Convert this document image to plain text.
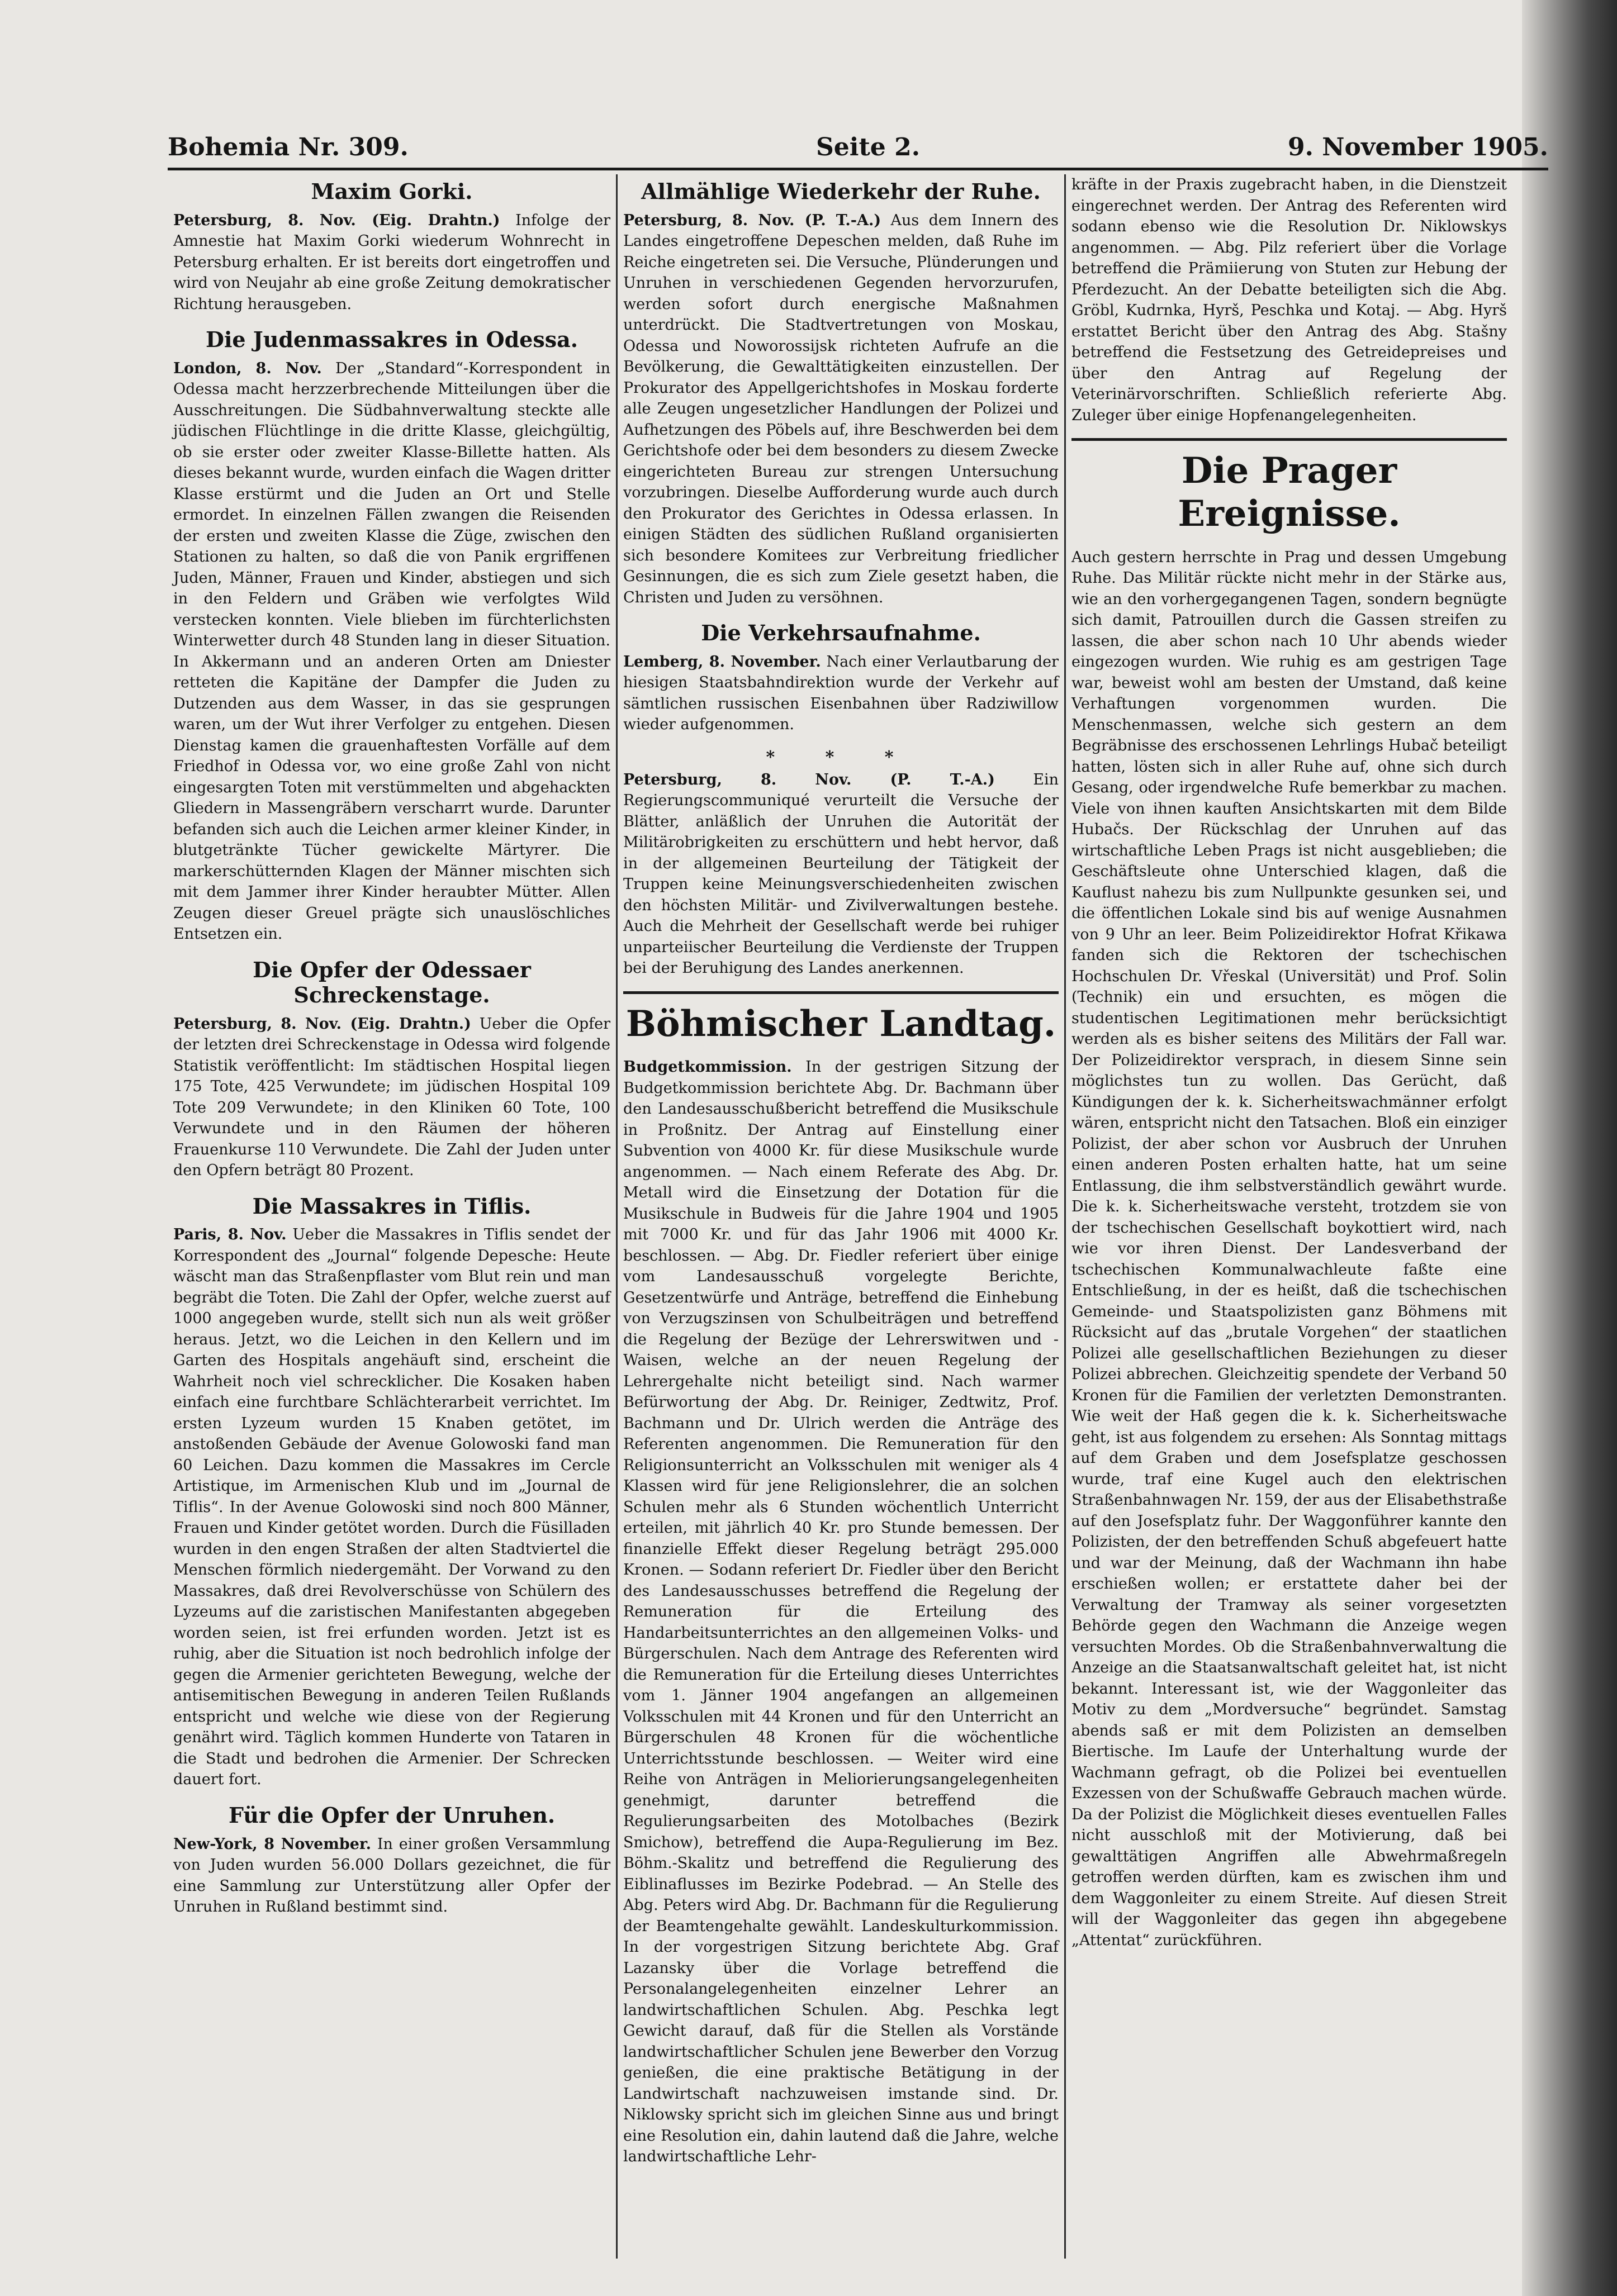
Bohemia Nr. 309.	Seite 2.	9. November 1905.
Maxim Gorki.

Petersburg, 8. Nov. (Eig. Drahtn.) Infolge der Amnestie hat Maxim Gorki wiederum Wohnrecht in Petersburg erhalten. Er ist bereits dort eingetroffen und wird von Neujahr ab eine große Zeitung demokratischer Richtung herausgeben.

Die Judenmassakres in Odessa.

London, 8. Nov. Der „Standard“-Korrespondent in Odessa macht herzzerbrechende Mitteilungen über die Ausschreitungen. Die Südbahnverwaltung steckte alle jüdischen Flüchtlinge in die dritte Klasse, gleichgültig, ob sie erster oder zweiter Klasse-Billette hatten. Als dieses bekannt wurde, wurden einfach die Wagen dritter Klasse erstürmt und die Juden an Ort und Stelle ermordet. In einzelnen Fällen zwangen die Reisenden der ersten und zweiten Klasse die Züge, zwischen den Stationen zu halten, so daß die von Panik ergriffenen Juden, Männer, Frauen und Kinder, abstiegen und sich in den Feldern und Gräben wie verfolgtes Wild verstecken konnten. Viele blieben im fürchterlichsten Winterwetter durch 48 Stunden lang in dieser Situation. In Akkermann und an anderen Orten am Dniester retteten die Kapitäne der Dampfer die Juden zu Dutzenden aus dem Wasser, in das sie gesprungen waren, um der Wut ihrer Verfolger zu entgehen. Diesen Dienstag kamen die grauenhaftesten Vorfälle auf dem Friedhof in Odessa vor, wo eine große Zahl von nicht eingesargten Toten mit verstümmelten und abgehackten Gliedern in Massengräbern verscharrt wurde. Darunter befanden sich auch die Leichen armer kleiner Kinder, in blutgetränkte Tücher gewickelte Märtyrer. Die markerschütternden Klagen der Männer mischten sich mit dem Jammer ihrer Kinder heraubter Mütter. Allen Zeugen dieser Greuel prägte sich unauslöschliches Entsetzen ein.

Die Opfer der Odessaer Schreckenstage.

Petersburg, 8. Nov. (Eig. Drahtn.) Ueber die Opfer der letzten drei Schreckenstage in Odessa wird folgende Statistik veröffentlicht: Im städtischen Hospital liegen 175 Tote, 425 Verwundete; im jüdischen Hospital 109 Tote 209 Verwundete; in den Kliniken 60 Tote, 100 Verwundete und in den Räumen der höheren Frauenkurse 110 Verwundete. Die Zahl der Juden unter den Opfern beträgt 80 Prozent.

Die Massakres in Tiflis.

Paris, 8. Nov. Ueber die Massakres in Tiflis sendet der Korrespondent des „Journal“ folgende Depesche: Heute wäscht man das Straßenpflaster vom Blut rein und man begräbt die Toten. Die Zahl der Opfer, welche zuerst auf 1000 angegeben wurde, stellt sich nun als weit größer heraus. Jetzt, wo die Leichen in den Kellern und im Garten des Hospitals angehäuft sind, erscheint die Wahrheit noch viel schrecklicher. Die Kosaken haben einfach eine furchtbare Schlächterarbeit verrichtet. Im ersten Lyzeum wurden 15 Knaben getötet, im anstoßenden Gebäude der Avenue Golowoski fand man 60 Leichen. Dazu kommen die Massakres im Cercle Artistique, im Armenischen Klub und im „Journal de Tiflis“. In der Avenue Golowoski sind noch 800 Männer, Frauen und Kinder getötet worden. Durch die Füsilladen wurden in den engen Straßen der alten Stadtviertel die Menschen förmlich niedergemäht. Der Vorwand zu den Massakres, daß drei Revolverschüsse von Schülern des Lyzeums auf die zaristischen Manifestanten abgegeben worden seien, ist frei erfunden worden. Jetzt ist es ruhig, aber die Situation ist noch bedrohlich infolge der gegen die Armenier gerichteten Bewegung, welche der antisemitischen Bewegung in anderen Teilen Rußlands entspricht und welche wie diese von der Regierung genährt wird. Täglich kommen Hunderte von Tataren in die Stadt und bedrohen die Armenier. Der Schrecken dauert fort.

Für die Opfer der Unruhen.

New-York, 8 November. In einer großen Versammlung von Juden wurden 56.000 Dollars gezeichnet, die für eine Sammlung zur Unterstützung aller Opfer der Unruhen in Rußland bestimmt sind.

Allmählige Wiederkehr der Ruhe.

Petersburg, 8. Nov. (P. T.-A.) Aus dem Innern des Landes eingetroffene Depeschen melden, daß Ruhe im Reiche eingetreten sei. Die Versuche, Plünderungen und Unruhen in verschiedenen Gegenden hervorzurufen, werden sofort durch energische Maßnahmen unterdrückt. Die Stadtvertretungen von Moskau, Odessa und Noworossijsk richteten Aufrufe an die Bevölkerung, die Gewalttätigkeiten einzustellen. Der Prokurator des Appellgerichtshofes in Moskau forderte alle Zeugen ungesetzlicher Handlungen der Polizei und Aufhetzungen des Pöbels auf, ihre Beschwerden bei dem Gerichtshofe oder bei dem besonders zu diesem Zwecke eingerichteten Bureau zur strengen Untersuchung vorzubringen. Dieselbe Aufforderung wurde auch durch den Prokurator des Gerichtes in Odessa erlassen. In einigen Städten des südlichen Rußland organisierten sich besondere Komitees zur Verbreitung friedlicher Gesinnungen, die es sich zum Ziele gesetzt haben, die Christen und Juden zu versöhnen.

Die Verkehrsaufnahme.

Lemberg, 8. November. Nach einer Verlautbarung der hiesigen Staatsbahndirektion wurde der Verkehr auf sämtlichen russischen Eisenbahnen über Radziwillow wieder aufgenommen.

* * *

Petersburg, 8. Nov. (P. T.-A.)	Ein Regierungscommuniqué verurteilt die Versuche der Blätter, anläßlich der Unruhen die Autorität der Militärobrigkeiten zu erschüttern und hebt hervor, daß in der allgemeinen Beurteilung der Tätigkeit der Truppen keine Meinungsverschiedenheiten zwischen den höchsten Militär- und Zivilverwaltungen bestehe. Auch die Mehrheit der Gesellschaft werde bei ruhiger unparteiischer Beurteilung die Verdienste der Truppen bei der Beruhigung des Landes anerkennen.

Böhmischer Landtag.

Budgetkommission. In der gestrigen Sitzung der Budgetkommission berichtete Abg. Dr. Bachmann über den Landesausschußbericht betreffend die Musikschule in Proßnitz. Der Antrag auf Einstellung einer Subvention von 4000 Kr. für diese Musikschule wurde angenommen. — Nach einem Referate des Abg. Dr. Metall wird die Einsetzung der Dotation für die Musikschule in Budweis für die Jahre 1904 und 1905 mit 7000 Kr. und für das Jahr 1906 mit 4000 Kr. beschlossen. — Abg. Dr. Fiedler referiert über einige vom Landesausschuß vorgelegte Berichte, Gesetzentwürfe und Anträge, betreffend die Einhebung von Verzugszinsen von Schulbeiträgen und betreffend die Regelung der Bezüge der Lehrerswitwen und -Waisen, welche an der neuen Regelung der Lehrergehalte nicht beteiligt sind. Nach warmer Befürwortung der Abg. Dr. Reiniger, Zedtwitz, Prof. Bachmann und Dr. Ulrich werden die Anträge des Referenten angenommen. Die Remuneration für den Religionsunterricht an Volksschulen mit weniger als 4 Klassen wird für jene Religionslehrer, die an solchen Schulen mehr als 6 Stunden wöchentlich Unterricht erteilen, mit jährlich 40 Kr. pro Stunde bemessen. Der finanzielle Effekt dieser Regelung beträgt 295.000 Kronen. — Sodann referiert Dr. Fiedler über den Bericht des Landesausschusses betreffend die Regelung der Remuneration für die Erteilung des Handarbeitsunterrichtes an den allgemeinen Volks- und Bürgerschulen. Nach dem Antrage des Referenten wird die Remuneration für die Erteilung dieses Unterrichtes vom 1. Jänner 1904 angefangen an allgemeinen Volksschulen mit 44 Kronen und für den Unterricht an Bürgerschulen 48 Kronen für die wöchentliche Unterrichtsstunde beschlossen. — Weiter wird eine Reihe von Anträgen in Meliorierungsangelegenheiten genehmigt, darunter betreffend die Regulierungsarbeiten des Motolbaches (Bezirk Smichow), betreffend die Aupa-Regulierung im Bez. Böhm.-Skalitz und betreffend die Regulierung des Eiblinaflusses im Bezirke Podebrad. — An Stelle des Abg. Peters wird Abg. Dr. Bachmann für die Regulierung der Beamtengehalte gewählt. Landeskulturkommission. In der vorgestrigen Sitzung berichtete Abg. Graf Lazansky über die Vorlage betreffend die Personalangelegenheiten einzelner Lehrer an landwirtschaftlichen Schulen. Abg. Peschka legt Gewicht darauf, daß für die Stellen als Vorstände landwirtschaftlicher Schulen jene Bewerber den Vorzug genießen, die eine praktische Betätigung in der Landwirtschaft nachzuweisen imstande sind. Dr. Niklowsky spricht sich im gleichen Sinne aus und bringt eine Resolution ein, dahin lautend daß die Jahre, welche landwirtschaftliche Lehr-

kräfte in der Praxis zugebracht haben, in die Dienstzeit eingerechnet werden. Der Antrag des Referenten wird sodann ebenso wie die Resolution Dr. Niklowskys angenommen. — Abg. Pilz referiert über die Vorlage betreffend die Prämiierung von Stuten zur Hebung der Pferdezucht. An der Debatte beteiligten sich die Abg. Gröbl, Kudrnka, Hyrš, Peschka und Kotaj. — Abg. Hyrš erstattet Bericht über den Antrag des Abg. Stašny betreffend die Festsetzung des Getreidepreises und über den Antrag auf Regelung der Veterinärvorschriften. Schließlich referierte Abg. Zuleger über einige Hopfenangelegenheiten.

Die Prager Ereignisse.

Auch gestern herrschte in Prag und dessen Umgebung Ruhe. Das Militär rückte nicht mehr in der Stärke aus, wie an den vorhergegangenen Tagen, sondern begnügte sich damit, Patrouillen durch die Gassen streifen zu lassen, die aber schon nach 10 Uhr abends wieder eingezogen wurden. Wie ruhig es am gestrigen Tage war, beweist wohl am besten der Umstand, daß keine Verhaftungen vorgenommen wurden. Die Menschenmassen, welche sich gestern an dem Begräbnisse des erschossenen Lehrlings Hubač beteiligt hatten, lösten sich in aller Ruhe auf, ohne sich durch Gesang, oder irgendwelche Rufe bemerkbar zu machen. Viele von ihnen kauften Ansichtskarten mit dem Bilde Hubačs. Der Rückschlag der Unruhen auf das wirtschaftliche Leben Prags ist nicht ausgeblieben; die Geschäftsleute ohne Unterschied klagen, daß die Kauflust nahezu bis zum Nullpunkte gesunken sei, und die öffentlichen Lokale sind bis auf wenige Ausnahmen von 9 Uhr an leer. Beim Polizeidirektor Hofrat Křikawa fanden sich die Rektoren der tschechischen Hochschulen Dr. Vřeskal (Universität) und Prof. Solin (Technik) ein und ersuchten, es mögen die studentischen Legitimationen mehr berücksichtigt werden als es bisher seitens des Militärs der Fall war. Der Polizeidirektor versprach, in diesem Sinne sein möglichstes tun zu wollen. Das Gerücht, daß Kündigungen der k. k. Sicherheitswachmänner erfolgt wären, entspricht nicht den Tatsachen. Bloß ein einziger Polizist, der aber schon vor Ausbruch der Unruhen einen anderen Posten erhalten hatte, hat um seine Entlassung, die ihm selbstverständlich gewährt wurde. Die k. k. Sicherheitswache versteht, trotzdem sie von der tschechischen Gesellschaft boykottiert wird, nach wie vor ihren Dienst. Der Landesverband der tschechischen Kommunalwachleute faßte eine Entschließung, in der es heißt, daß die tschechischen Gemeinde- und Staatspolizisten ganz Böhmens mit Rücksicht auf das „brutale Vorgehen“ der staatlichen Polizei alle gesellschaftlichen Beziehungen zu dieser Polizei abbrechen. Gleichzeitig spendete der Verband 50 Kronen für die Familien der verletzten Demonstranten. Wie weit der Haß gegen die k. k. Sicherheitswache geht, ist aus folgendem zu ersehen: Als Sonntag mittags auf dem Graben und dem Josefsplatze geschossen wurde, traf eine Kugel auch den elektrischen Straßenbahnwagen Nr. 159, der aus der Elisabethstraße auf den Josefsplatz fuhr. Der Waggonführer kannte den Polizisten, der den betreffenden Schuß abgefeuert hatte und war der Meinung, daß der Wachmann ihn habe erschießen wollen; er erstattete daher bei der Verwaltung der Tramway als seiner vorgesetzten Behörde gegen den Wachmann die Anzeige wegen versuchten Mordes. Ob die Straßenbahnverwaltung die Anzeige an die Staatsanwaltschaft geleitet hat, ist nicht bekannt. Interessant ist, wie der Waggonleiter das Motiv zu dem „Mordversuche“ begründet. Samstag abends saß er mit dem Polizisten an demselben Biertische. Im Laufe der Unterhaltung wurde der Wachmann gefragt, ob die Polizei bei eventuellen Exzessen von der Schußwaffe Gebrauch machen würde. Da der Polizist die Möglichkeit dieses eventuellen Falles nicht ausschloß mit der Motivierung, daß bei gewalttätigen Angriffen alle Abwehrmaßregeln getroffen werden dürften, kam es zwischen ihm und dem Waggonleiter zu einem Streite. Auf diesen Streit will der Waggonleiter das gegen ihn abgegebene „Attentat“ zurückführen.
